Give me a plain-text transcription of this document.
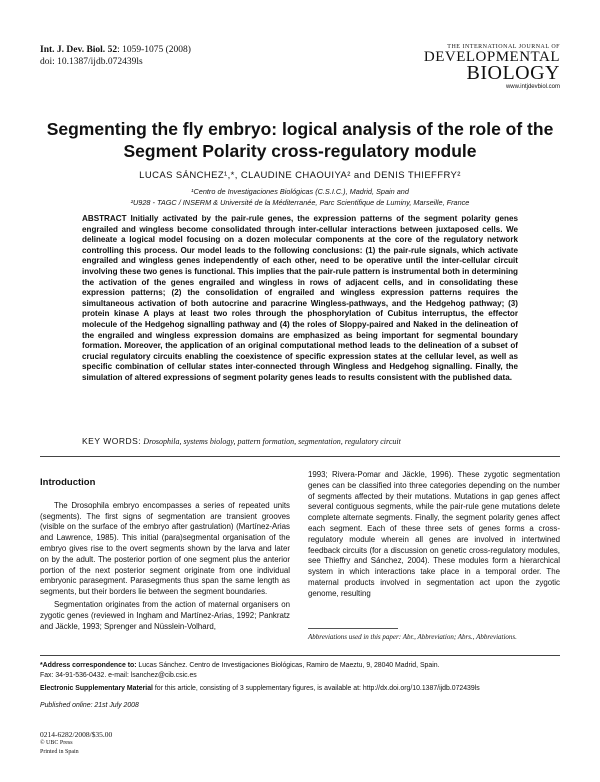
Int. J. Dev. Biol. 52: 1059-1075 (2008)
doi: 10.1387/ijdb.072439ls
THE INTERNATIONAL JOURNAL OF
DEVELOPMENTAL
BIOLOGY
www.intjdevbiol.com
Segmenting the fly embryo: logical analysis of the role of the
Segment Polarity cross-regulatory module
LUCAS SÁNCHEZ¹,*, CLAUDINE CHAOUIYA² and DENIS THIEFFRY²
¹Centro de Investigaciones Biológicas (C.S.I.C.), Madrid, Spain and
²U928 - TAGC / INSERM & Université de la Méditerranée, Parc Scientifique de Luminy, Marseille, France
ABSTRACT Initially activated by the pair-rule genes, the expression patterns of the segment polarity genes engrailed and wingless become consolidated through inter-cellular interactions between juxtaposed cells. We delineate a logical model focusing on a dozen molecular components at the core of the regulatory network controlling this process. Our model leads to the following conclusions: (1) the pair-rule signals, which activate engrailed and wingless genes independently of each other, need to be operative until the inter-cellular circuit involving these two genes is functional. This implies that the pair-rule pattern is instrumental both in determining the activation of the genes engrailed and wingless in rows of adjacent cells, and in consolidating these expression patterns; (2) the consolidation of engrailed and wingless expression patterns requires the simultaneous activation of both autocrine and paracrine Wingless-pathways, and the Hedgehog pathway; (3) protein kinase A plays at least two roles through the phosphorylation of Cubitus interruptus, the effector molecule of the Hedgehog signalling pathway and (4) the roles of Sloppy-paired and Naked in the delineation of the engrailed and wingless expression domains are emphasized as being important for segmental boundary formation. Moreover, the application of an original computational method leads to the delineation of a subset of crucial regulatory circuits enabling the coexistence of specific expression states at the cellular level, as well as specific combination of cellular states inter-connected through Wingless and Hedgehog signalling. Finally, the simulation of altered expressions of segment polarity genes leads to results consistent with the published data.
KEY WORDS: Drosophila, systems biology, pattern formation, segmentation, regulatory circuit
Introduction

The Drosophila embryo encompasses a series of repeated units (segments). The first signs of segmentation are transient grooves (visible on the surface of the embryo after gastrulation) (Martínez-Arias and Lawrence, 1985). This initial (para)segmental organisation of the embryo gives rise to the overt segments shown by the larva and later on by the adult. The posterior portion of one segment plus the anterior portion of the next posterior segment originate from one individual embryonic parasegment. Parasegments thus span the same length as segments, but their borders lie between the segment boundaries.

Segmentation originates from the action of maternal organisers on zygotic genes (reviewed in Ingham and Martínez-Arias, 1992; Pankratz and Jäckle, 1993; Sprenger and Nüsslein-Volhard,

1993; Rivera-Pomar and Jäckle, 1996). These zygotic segmentation genes can be classified into three categories depending on the number of segments affected by their mutations. Mutations in gap genes affect several contiguous segments, while the pair-rule gene mutations delete complete alternate segments. Finally, the segment polarity genes affect each segment. Each of these three sets of genes forms a cross-regulatory module wherein all genes are involved in intertwined feedback circuits (for a discussion on genetic cross-regulatory modules, see Thieffry and Sánchez, 2004). These modules form a hierarchical system in which interactions take place in a temporal order. The maternal products involved in segmentation act upon the zygotic genome, resulting

Abbreviations used in this paper: Abr., Abbreviation; Abrs., Abbreviations.
*Address correspondence to: Lucas Sánchez. Centro de Investigaciones Biológicas, Ramiro de Maeztu, 9, 28040 Madrid, Spain.
Fax: 34-91-536-0432. e-mail: lsanchez@cib.csic.es
Electronic Supplementary Material for this article, consisting of 3 supplementary figures, is available at: http://dx.doi.org/10.1387/ijdb.072439ls
Published online: 21st July 2008
0214-6282/2008/$35.00
© UBC Press
Printed in Spain
